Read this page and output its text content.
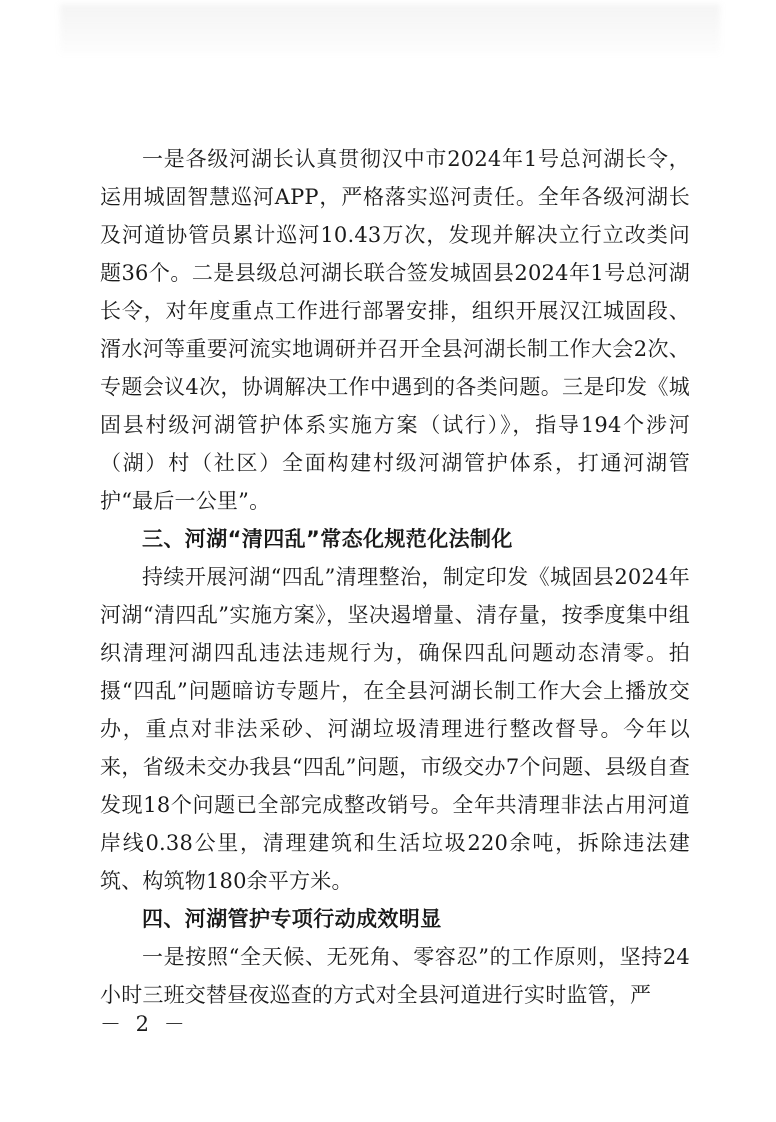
一是各级河湖长认真贯彻汉中市2024年1号总河湖长令，运用城固智慧巡河APP，严格落实巡河责任。全年各级河湖长及河道协管员累计巡河10.43万次，发现并解决立行立改类问题36个。二是县级总河湖长联合签发城固县2024年1号总河湖长令，对年度重点工作进行部署安排，组织开展汉江城固段、湑水河等重要河流实地调研并召开全县河湖长制工作大会2次、专题会议4次，协调解决工作中遇到的各类问题。三是印发《城固县村级河湖管护体系实施方案（试行）》，指导194个涉河（湖）村（社区）全面构建村级河湖管护体系，打通河湖管护“最后一公里”。

三、河湖“清四乱”常态化规范化法制化

持续开展河湖“四乱”清理整治，制定印发《城固县2024年河湖“清四乱”实施方案》，坚决遏增量、清存量，按季度集中组织清理河湖四乱违法违规行为，确保四乱问题动态清零。拍摄“四乱”问题暗访专题片，在全县河湖长制工作大会上播放交办，重点对非法采砂、河湖垃圾清理进行整改督导。今年以来，省级未交办我县“四乱”问题，市级交办7个问题、县级自查发现18个问题已全部完成整改销号。全年共清理非法占用河道岸线0.38公里，清理建筑和生活垃圾220余吨，拆除违法建筑、构筑物180余平方米。

四、河湖管护专项行动成效明显

一是按照“全天候、无死角、零容忍”的工作原则，坚持24小时三班交替昼夜巡查的方式对全县河道进行实时监管，严

－ 2 －
